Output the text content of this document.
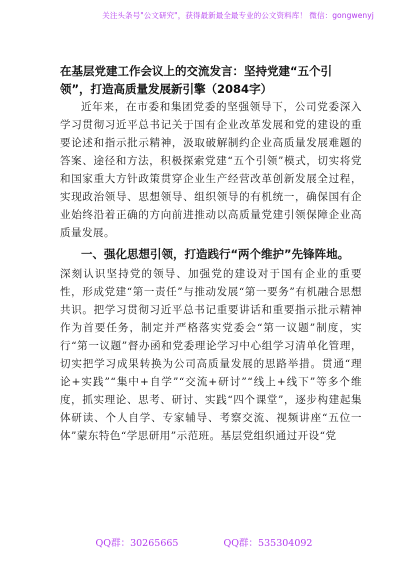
关注头条号"公文研究"，获得最新最全最专业的公文资料库！ 微信：gongwenyj
在基层党建工作会议上的交流发言：坚持党建“五个引领”，打造高质量发展新引擎（2084字）

近年来，在市委和集团党委的坚强领导下，公司党委深入学习贯彻习近平总书记关于国有企业改革发展和党的建设的重要论述和指示批示精神，汲取破解制约企业高质量发展难题的答案、途径和方法，积极探索党建“五个引领”模式，切实将党和国家重大方针政策贯穿企业生产经营改革创新发展全过程，实现政治领导、思想领导、组织领导的有机统一，确保国有企业始终沿着正确的方向前进推动以高质量党建引领保障企业高质量发展。

一、强化思想引领，打造践行“两个维护”先锋阵地。

深刻认识坚持党的领导、加强党的建设对于国有企业的重要性，形成党建“第一责任”与推动发展“第一要务”有机融合思想共识。把学习贯彻习近平总书记重要讲话和重要指示批示精神作为首要任务，制定并严格落实党委会“第一议题”制度，实行“第一议题”督办函和党委理论学习中心组学习清单化管理，切实把学习成果转换为公司高质量发展的思路举措。贯通“理论+实践”“集中+自学”“交流+研讨”“线上+线下”等多个维度，抓实理论、思考、研讨、实践“四个课堂”，逐步构建起集体研读、个人自学、专家辅导、考察交流、视频讲座“五位一体”蒙东特色“学思研用”示范班。基层党组织通过开设“党

QQ群：30265665	QQ群：535304092
